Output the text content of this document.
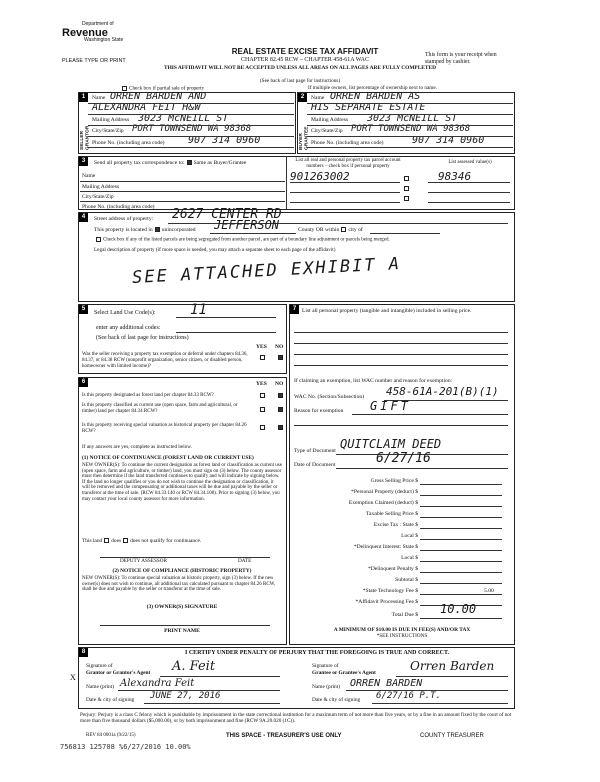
Department of
Revenue
Washington State
PLEASE TYPE OR PRINT
REAL ESTATE EXCISE TAX AFFIDAVIT
CHAPTER 82.45 RCW – CHAPTER 458-61A WAC
THIS AFFIDAVIT WILL NOT BE ACCEPTED UNLESS ALL AREAS ON ALL PAGES ARE FULLY COMPLETED
(See back of last page for instructions)
This form is your receipt when stamped by cashier.
Check box if partial sale of property	If multiple owners, list percentage of ownership next to name.
1	2
SELLER GRANTOR	BUYER GRANTEE
Name ORREN BARDEN AND
ALEXANDRA FEIT H&W
Mailing Address 3023 McNEILL ST
City/State/Zip PORT TOWNSEND WA 98368
Phone No. (including area code) 907 314 0960
Name ORREN BARDEN AS
HIS SEPARATE ESTATE
Mailing Address 3023 McNEILL ST
City/State/Zip PORT TOWNSEND WA 98368
Phone No. (including area code)	907 314 0960
3	Send all property tax correspondence to: Same as Buyer/Grantee
Name
Mailing Address
City/State/Zip
Phone No. (including area code)
List all real and personal property tax parcel account numbers – check box if personal property
List assessed value(s)
901263002	98346
4	Street address of property: 2627 CENTER RD
This property is located in unincorporated JEFFERSON	County OR within city of
Check box if any of the listed parcels are being segregated from another parcel, are part of a boundary line adjustment or parcels being merged.
Legal description of property (if more space is needed, you may attach a separate sheet to each page of the affidavit)
SEE ATTACHED EXHIBIT A
5
Select Land Use Code(s): 11
enter any additional codes:
(See back of last page for instructions)
YES NO
Was the seller receiving a property tax exemption or deferral under chapters 84.36, 84.37, or 84.38 RCW (nonprofit organization, senior citizen, or disabled person, homeowner with limited income)?
6	YES NO
Is this property designated as forest land per chapter 84.33 RCW?
Is this property classified as current use (open space, farm and agricultural, or timber) land per chapter 84.34 RCW?
Is this property receiving special valuation as historical property per chapter 84.26 RCW?
If any answers are yes, complete as instructed below.
(1) NOTICE OF CONTINUANCE (FOREST LAND OR CURRENT USE)
NEW OWNER(S): To continue the current designation as forest land or classification as current use (open space, farm and agriculture, or timber) land, you must sign on (3) below. The county assessor must then determine if the land transferred continues to qualify and will indicate by signing below. If the land no longer qualifies or you do not wish to continue the designation or classification, it will be removed and the compensating or additional taxes will be due and payable by the seller or transferor at the time of sale. (RCW 84.33.140 or RCW 84.34.108). Prior to signing (3) below, you may contact your local county assessor for more information.
This land does does not qualify for continuance.
DEPUTY ASSESSOR	DATE
(2) NOTICE OF COMPLIANCE (HISTORIC PROPERTY)
NEW OWNER(S): To continue special valuation as historic property, sign (3) below. If the new owner(s) does not wish to continue, all additional tax calculated pursuant to chapter 84.26 RCW, shall be due and payable by the seller or transferor at the time of sale.
(3) OWNER(S) SIGNATURE
PRINT NAME
7	List all personal property (tangible and intangible) included in selling price.
If claiming an exemption, list WAC number and reason for exemption:
WAC No. (Section/Subsection) 458-61A-201(B)(1)
Reason for exemption GIFT
Type of Document QUITCLAIM DEED
Date of Document	6/27/16
Gross Selling Price $
*Personal Property (deduct) $
Exemption Claimed (deduct) $
Taxable Selling Price $
Excise Tax : State $
Local $
*Delinquent Interest: State $
Local $
*Delinquent Penalty $
Subtotal $
*State Technology Fee $	5.00
*Affidavit Processing Fee $
Total Due $ 10.00
A MINIMUM OF $10.00 IS DUE IN FEE(S) AND/OR TAX
*SEE INSTRUCTIONS
8	I CERTIFY UNDER PENALTY OF PERJURY THAT THE FOREGOING IS TRUE AND CORRECT.
X
Signature of
Grantor or Grantor's Agent A. Feit
Name (print) Alexandra Feit
Date & city of signing JUNE 27, 2016
Signature of
Grantee or Grantee's Agent	Orren Barden
Name (print) ORREN BARDEN
Date & city of signing 6/27/16 P.T.
Perjury: Perjury is a class C felony which is punishable by imprisonment in the state correctional institution for a maximum term of not more than five years, or by a fine in an amount fixed by the court of not more than five thousand dollars ($5,000.00), or by both imprisonment and fine (RCW 9A.20.020 (1C)).
REV 84 0001a (9/22/15)	THIS SPACE - TREASURER'S USE ONLY	COUNTY TREASURER
756813 125708 %6/27/2016 10.00%
